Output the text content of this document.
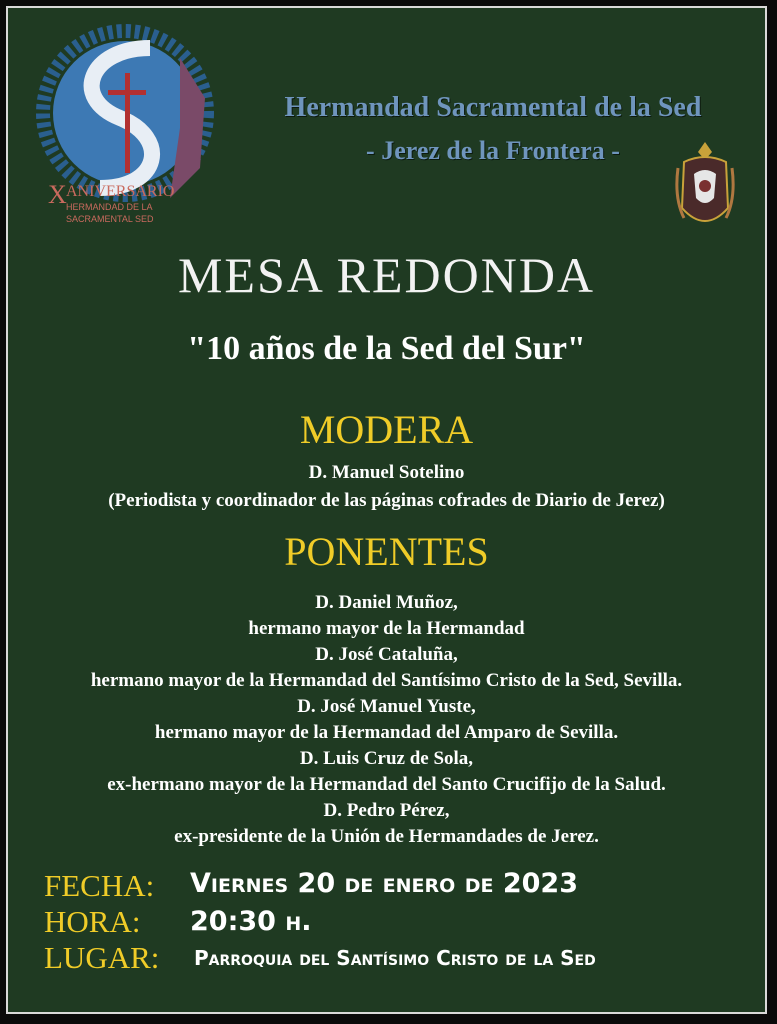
X ANIVERSARIO
HERMANDAD DE LA
SACRAMENTAL SED
Hermandad Sacramental de la Sed
- Jerez de la Frontera -
MESA REDONDA
"10 años de la Sed del Sur"
MODERA
D. Manuel Sotelino
(Periodista y coordinador de las páginas cofrades de Diario de Jerez)
PONENTES
D. Daniel Muñoz,
hermano mayor de la Hermandad
D. José Cataluña,
hermano mayor de la Hermandad del Santísimo Cristo de la Sed, Sevilla.
D. José Manuel Yuste,
hermano mayor de la Hermandad del Amparo de Sevilla.
D. Luis Cruz de Sola,
ex-hermano mayor de la Hermandad del Santo Crucifijo de la Salud.
D. Pedro Pérez,
ex-presidente de la Unión de Hermandades de Jerez.
FECHA: Viernes 20 de enero de 2023
HORA: 20:30 h.
LUGAR: Parroquia del Santísimo Cristo de la Sed
